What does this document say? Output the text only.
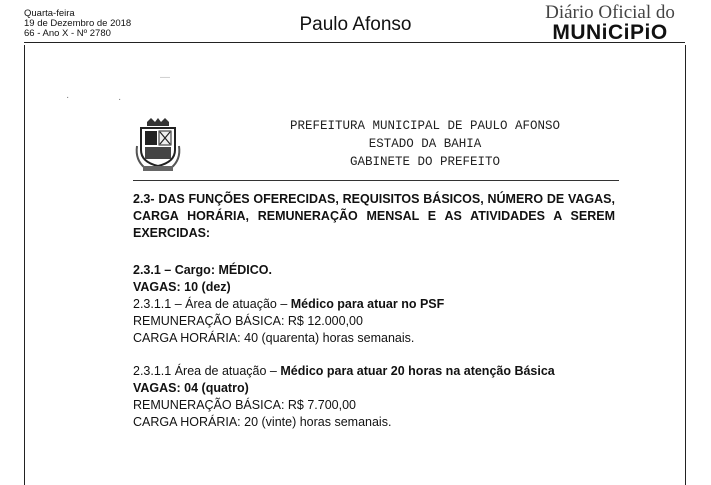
Quarta-feira
19 de Dezembro de 2018
66 - Ano X - Nº 2780	Paulo Afonso
Diário Oficial do
MUNiCiPiO
·	·
—
PREFEITURA MUNICIPAL DE PAULO AFONSO
ESTADO DA BAHIA
GABINETE DO PREFEITO
2.3- DAS FUNÇÕES OFERECIDAS, REQUISITOS BÁSICOS, NÚMERO DE VAGAS, CARGA HORÁRIA, REMUNERAÇÃO MENSAL E AS ATIVIDADES A SEREM EXERCIDAS:
2.3.1 – Cargo: MÉDICO.
VAGAS: 10 (dez)
2.3.1.1 – Área de atuação – Médico para atuar no PSF
REMUNERAÇÃO BÁSICA: R$ 12.000,00
CARGA HORÁRIA: 40 (quarenta) horas semanais.
2.3.1.1 Área de atuação – Médico para atuar 20 horas na atenção Básica
VAGAS: 04 (quatro)
REMUNERAÇÃO BÁSICA: R$ 7.700,00
CARGA HORÁRIA: 20 (vinte) horas semanais.
